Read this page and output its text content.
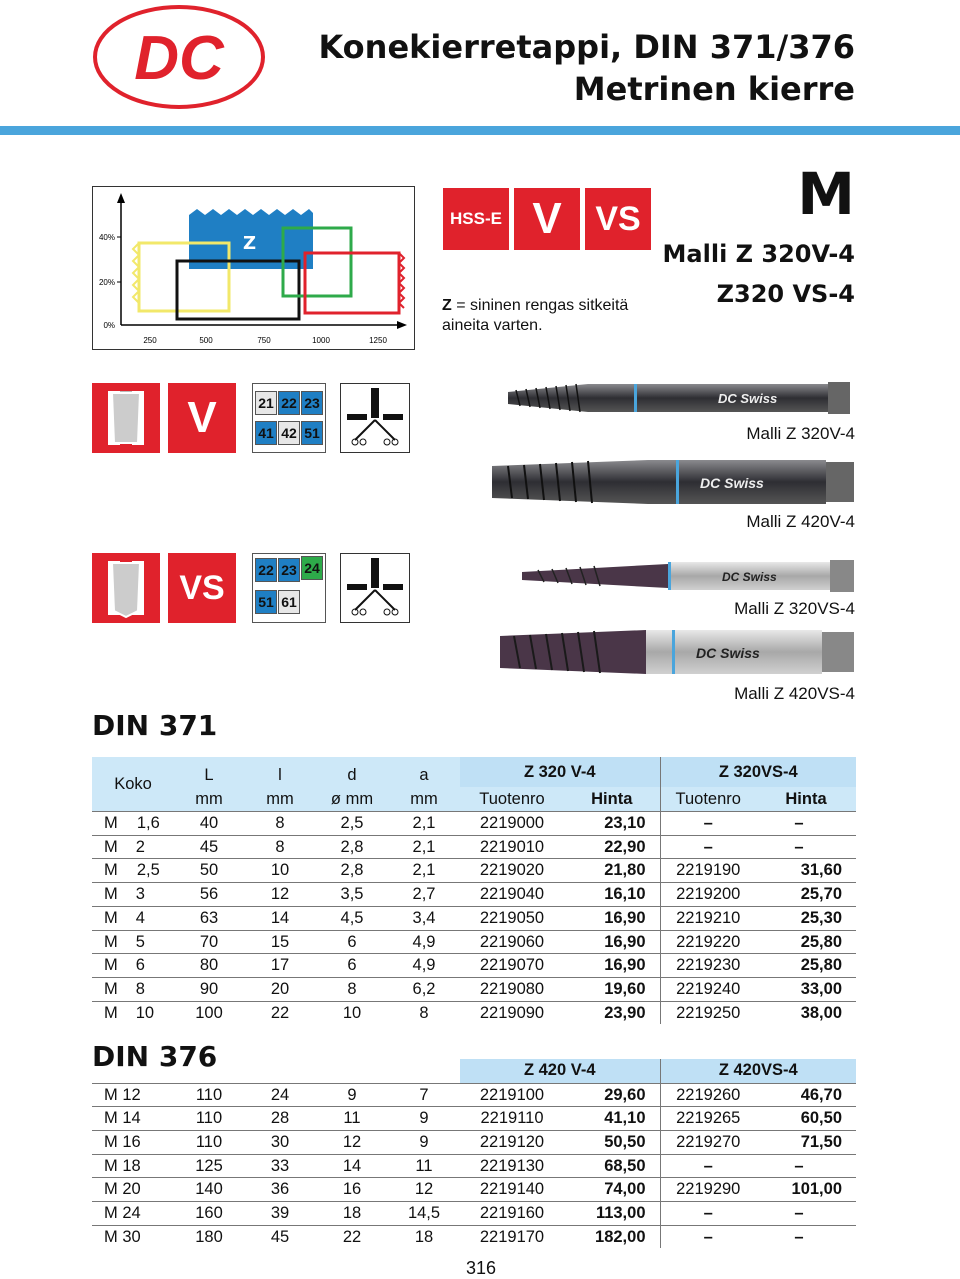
DC	Konekierretappi, DIN 371/376
Metrinen kierre
Z
40%
20%
0%
250	500	750	1000	1250
HSS-E V VS	M
Malli Z 320V-4
Z320 VS-4
Z = sininen rengas sitkeitä
aineita varten.
V	21 22 23
41 42 51
VS	22 23 24
51 61
DC Swiss
Malli Z 320V-4
DC Swiss
Malli Z 420V-4
DC Swiss
Malli Z 320VS-4
DC Swiss
Malli Z 420VS-4
DIN 371
Koko	L	l	d	a	Z 320 V-4		Z 320VS-4	
	mm	mm	ø mm	mm	Tuotenro	Hinta	Tuotenro	Hinta
M 1,6	40	8	2,5	2,1	2219000	23,10	–	–
M 2	45	8	2,8	2,1	2219010	22,90	–	–
M 2,5	50	10	2,8	2,1	2219020	21,80	2219190	31,60
M 3	56	12	3,5	2,7	2219040	16,10	2219200	25,70
M 4	63	14	4,5	3,4	2219050	16,90	2219210	25,30
M 5	70	15	6	4,9	2219060	16,90	2219220	25,80
M 6	80	17	6	4,9	2219070	16,90	2219230	25,80
M 8	90	20	8	6,2	2219080	19,60	2219240	33,00
M 10	100	22	10	8	2219090	23,90	2219250	38,00
DIN 376
						Z 420 V-4		Z 420VS-4	
M 12	110	24	9	7	2219100	29,60	2219260	46,70
M 14	110	28	11	9	2219110	41,10	2219265	60,50
M 16	110	30	12	9	2219120	50,50	2219270	71,50
M 18	125	33	14	11	2219130	68,50	–	–
M 20	140	36	16	12	2219140	74,00	2219290	101,00
M 24	160	39	18	14,5	2219160	113,00	–	–
M 30	180	45	22	18	2219170	182,00	–	–
316
